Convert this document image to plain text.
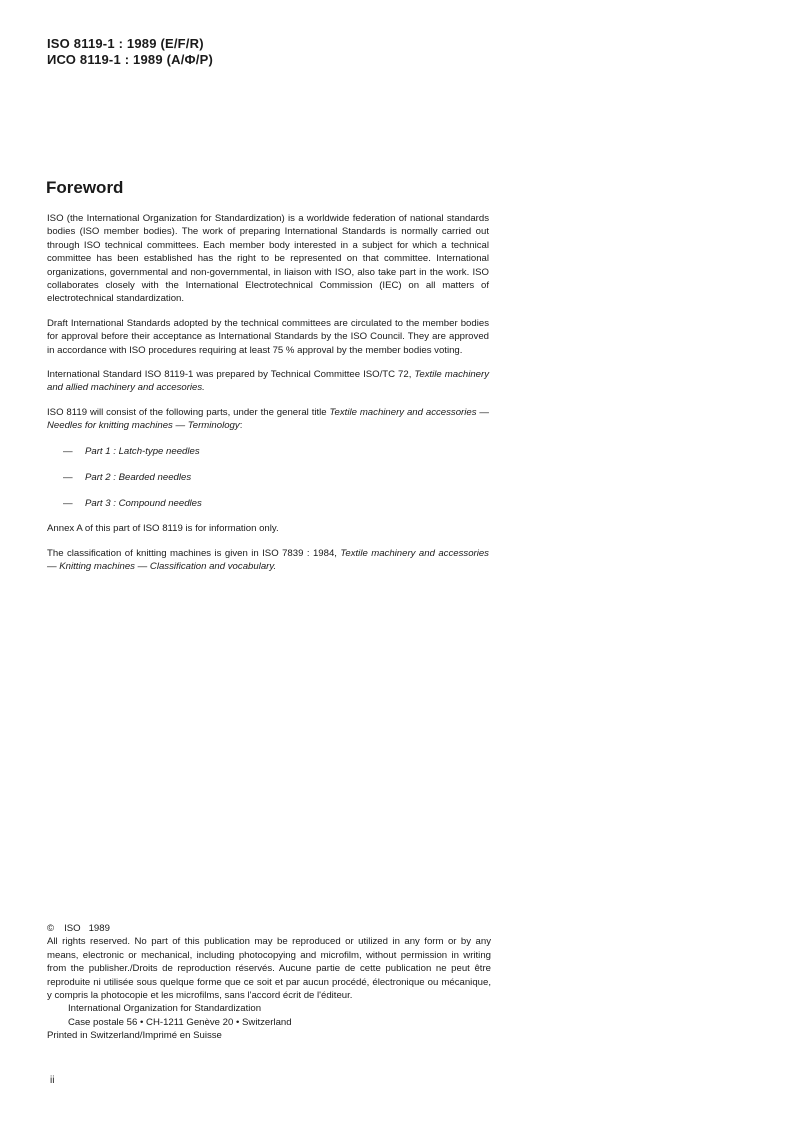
ISO 8119-1 : 1989 (E/F/R)
ИСО 8119-1 : 1989 (А/Ф/Р)
Foreword

ISO (the International Organization for Standardization) is a worldwide federation of national standards bodies (ISO member bodies). The work of preparing International Standards is normally carried out through ISO technical committees. Each member body interested in a subject for which a technical committee has been established has the right to be represented on that committee. International organizations, governmental and non-governmental, in liaison with ISO, also take part in the work. ISO collaborates closely with the International Electrotechnical Commission (IEC) on all matters of electrotechnical standardization.

Draft International Standards adopted by the technical committees are circulated to the member bodies for approval before their acceptance as International Standards by the ISO Council. They are approved in accordance with ISO procedures requiring at least 75 % approval by the member bodies voting.

International Standard ISO 8119-1 was prepared by Technical Committee ISO/TC 72, Textile machinery and allied machinery and accesories.

ISO 8119 will consist of the following parts, under the general title Textile machinery and accessories — Needles for knitting machines — Terminology:

—	Part 1 : Latch-type needles
—	Part 2 : Bearded needles
—	Part 3 : Compound needles

Annex A of this part of ISO 8119 is for information only.

The classification of knitting machines is given in ISO 7839 : 1984, Textile machinery and accessories — Knitting machines — Classification and vocabulary.

© ISO   1989
All rights reserved. No part of this publication may be reproduced or utilized in any form or by any means, electronic or mechanical, including photocopying and microfilm, without permission in writing from the publisher./Droits de reproduction réservés. Aucune partie de cette publication ne peut être reproduite ni utilisée sous quelque forme que ce soit et par aucun procédé, électronique ou mécanique, y compris la photocopie et les microfilms, sans l'accord écrit de l'éditeur.
International Organization for Standardization
Case postale 56 • CH-1211 Genève 20 • Switzerland
Printed in Switzerland/Imprimé en Suisse
ii
